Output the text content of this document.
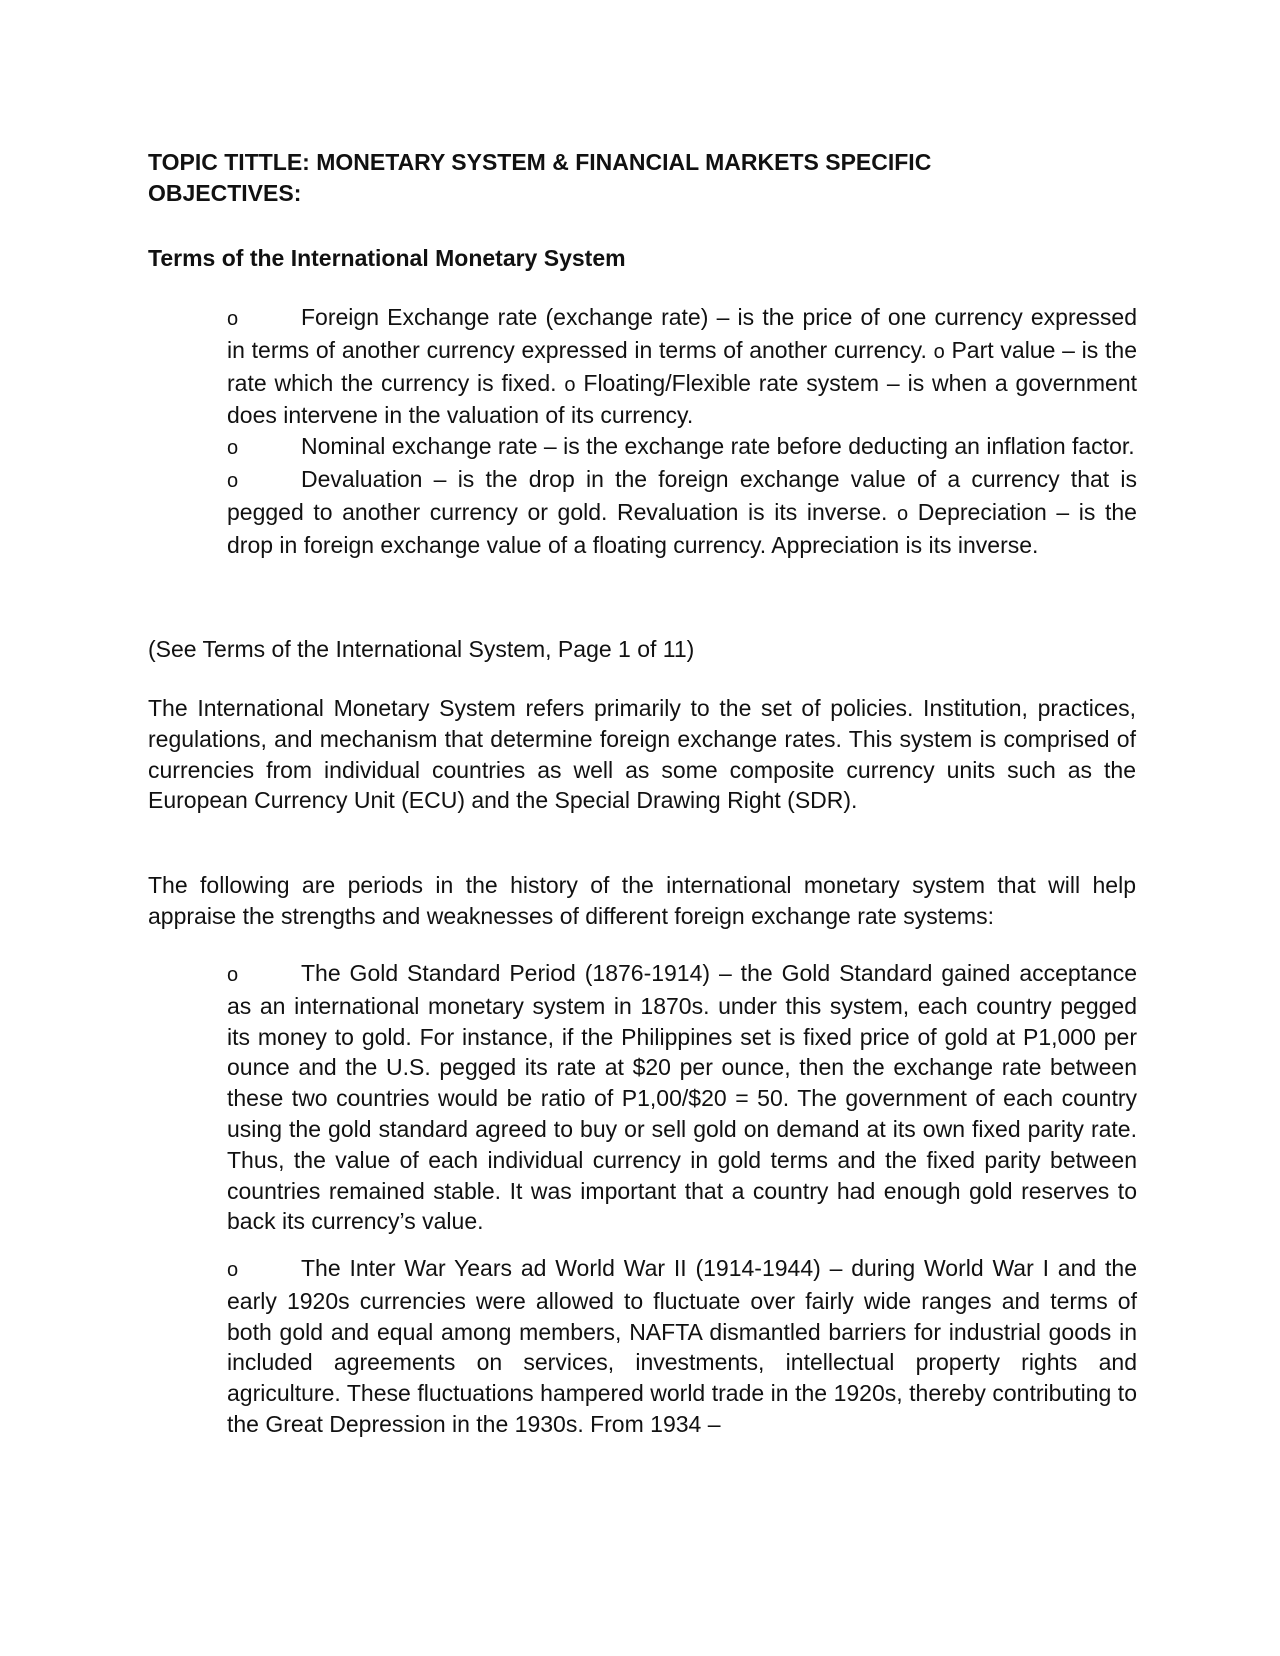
TOPIC TITTLE: MONETARY SYSTEM & FINANCIAL MARKETS SPECIFIC OBJECTIVES:
Terms of the International Monetary System

o	Foreign Exchange rate (exchange rate) – is the price of one currency expressed in terms of another currency expressed in terms of another currency. o Part value – is the rate which the currency is fixed. o Floating/Flexible rate system – is when a government does intervene in the valuation of its currency.

o	Nominal exchange rate – is the exchange rate before deducting an inflation factor.

o	Devaluation – is the drop in the foreign exchange value of a currency that is pegged to another currency or gold. Revaluation is its inverse. o Depreciation – is the drop in foreign exchange value of a floating currency. Appreciation is its inverse.

(See Terms of the International System, Page 1 of 11)

The International Monetary System refers primarily to the set of policies. Institution, practices, regulations, and mechanism that determine foreign exchange rates. This system is comprised of currencies from individual countries as well as some composite currency units such as the European Currency Unit (ECU) and the Special Drawing Right (SDR).

The following are periods in the history of the international monetary system that will help appraise the strengths and weaknesses of different foreign exchange rate systems:

o	The Gold Standard Period (1876-1914) – the Gold Standard gained acceptance as an international monetary system in 1870s. under this system, each country pegged its money to gold. For instance, if the Philippines set is fixed price of gold at P1,000 per ounce and the U.S. pegged its rate at $20 per ounce, then the exchange rate between these two countries would be ratio of P1,00/$20 = 50. The government of each country using the gold standard agreed to buy or sell gold on demand at its own fixed parity rate. Thus, the value of each individual currency in gold terms and the fixed parity between countries remained stable. It was important that a country had enough gold reserves to back its currency’s value.

o	The Inter War Years ad World War II (1914-1944) – during World War I and the early 1920s currencies were allowed to fluctuate over fairly wide ranges and terms of both gold and equal among members, NAFTA dismantled barriers for industrial goods in included agreements on services, investments, intellectual property rights and agriculture. These fluctuations hampered world trade in the 1920s, thereby contributing to the Great Depression in the 1930s. From 1934 –
